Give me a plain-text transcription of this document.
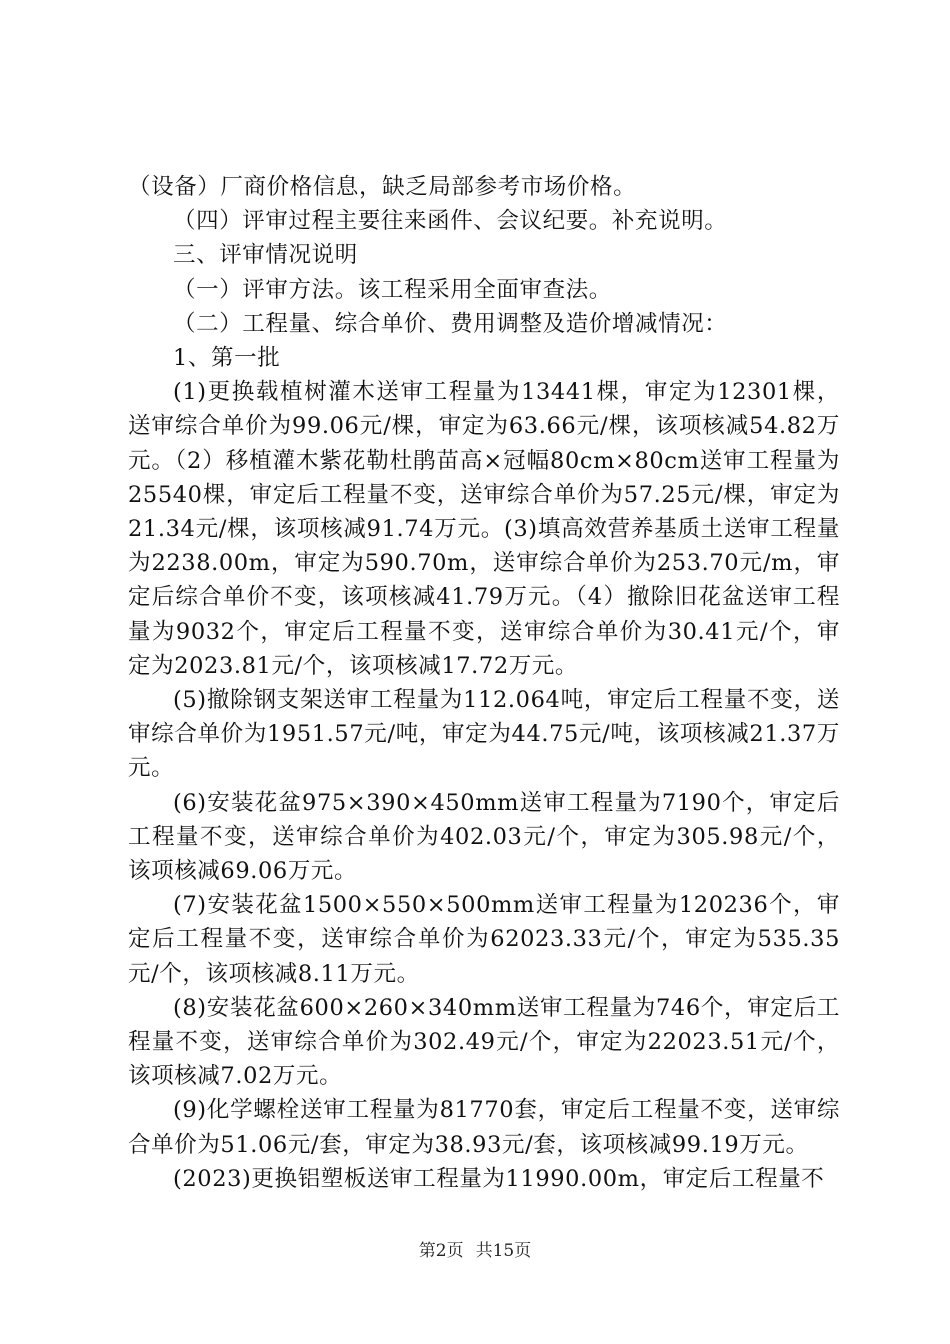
（设备）厂商价格信息，缺乏局部参考市场价格。

（四）评审过程主要往来函件、会议纪要。补充说明。

三、评审情况说明

（一）评审方法。该工程采用全面审查法。

（二）工程量、综合单价、费用调整及造价增减情况：

1、第一批

(1)更换载植树灌木送审工程量为13441棵，审定为12301棵，送审综合单价为99.06元/棵，审定为63.66元/棵，该项核减54.82万元。（2）移植灌木紫花勒杜鹃苗高×冠幅80cm×80cm送审工程量为25540棵，审定后工程量不变，送审综合单价为57.25元/棵，审定为21.34元/棵，该项核减91.74万元。(3)填高效营养基质土送审工程量为2238.00m，审定为590.70m，送审综合单价为253.70元/m，审定后综合单价不变，该项核减41.79万元。（4）撤除旧花盆送审工程量为9032个，审定后工程量不变，送审综合单价为30.41元/个，审定为2023.81元/个，该项核减17.72万元。

(5)撤除钢支架送审工程量为112.064吨，审定后工程量不变，送审综合单价为1951.57元/吨，审定为44.75元/吨，该项核减21.37万元。

(6)安装花盆975×390×450mm送审工程量为7190个，审定后工程量不变，送审综合单价为402.03元/个，审定为305.98元/个，该项核减69.06万元。

(7)安装花盆1500×550×500mm送审工程量为120236个，审定后工程量不变，送审综合单价为62023.33元/个，审定为535.35元/个，该项核减8.11万元。

(8)安装花盆600×260×340mm送审工程量为746个，审定后工程量不变，送审综合单价为302.49元/个，审定为22023.51元/个，该项核减7.02万元。

(9)化学螺栓送审工程量为81770套，审定后工程量不变，送审综合单价为51.06元/套，审定为38.93元/套，该项核减99.19万元。

(2023)更换铝塑板送审工程量为11990.00m，审定后工程量不

第2页 共15页
